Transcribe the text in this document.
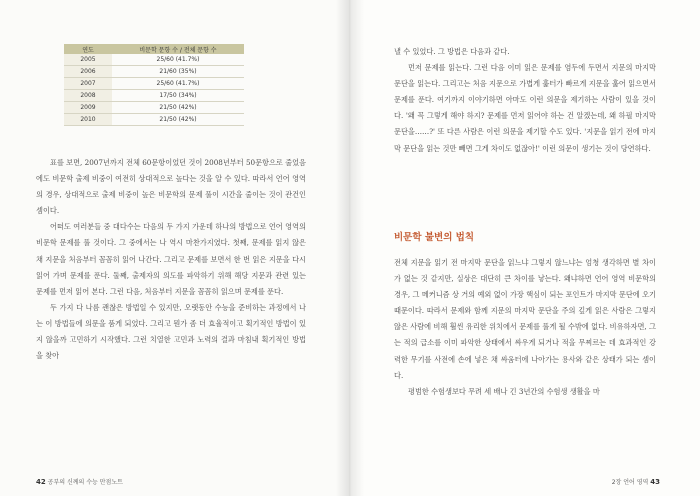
연도	비문학 문항 수 / 전체 문항 수
2005	25/60 (41.7%)
2006	21/60 (35%)
2007	25/60 (41.7%)
2008	17/50 (34%)
2009	21/50 (42%)
2010	21/50 (42%)

표를 보면, 2007년까지 전체 60문항이었던 것이 2008년부터 50문항으로 줄었음에도 비문학 출제 비중이 여전히 상대적으로 높다는 것을 알 수 있다. 따라서 언어 영역의 경우, 상대적으로 출제 비중이 높은 비문학의 문제 풀이 시간을 줄이는 것이 관건인 셈이다.

어떠도 여러분들 중 대다수는 다음의 두 가지 가운데 하나의 방법으로 언어 영역의 비문학 문제를 풀 것이다. 그 중에서는 나 역시 마찬가지였다. 첫째, 문제를 읽지 않은 채 지문을 처음부터 꼼꼼히 읽어 나간다. 그리고 문제를 보면서 한 번 읽은 지문을 다시 읽어 가며 문제를 푼다. 둘째, 출제자의 의도를 파악하기 위해 해당 지문과 관련 있는 문제를 먼저 읽어 본다. 그런 다음, 처음부터 지문을 꼼꼼히 읽으며 문제를 푼다.

두 가지 다 나름 괜찮은 방법일 수 있지만, 오랫동안 수능을 준비하는 과정에서 나는 이 방법들에 의문을 품게 되었다. 그리고 뭔가 좀 더 효율적이고 획기적인 방법이 있지 않을까 고민하기 시작했다. 그런 치열한 고민과 노력의 결과 마침내 획기적인 방법을 찾아

42 공부의 신께의 수능 만점노트

낼 수 있었다. 그 방법은 다음과 같다.

먼저 문제를 읽는다. 그런 다음 이미 읽은 문제를 염두에 두면서 지문의 마지막 문단을 읽는다. 그리고는 처음 지문으로 가볍게 훑터가 빠르게 지문을 훑어 읽으면서 문제를 푼다. 여기까지 이야기하면 아마도 이런 의문을 제기하는 사람이 있을 것이다. '왜 꼭 그렇게 해야 하지? 문제를 먼저 읽어야 하는 건 알겠는데, 왜 하필 마지막 문단을……?' 또 다른 사람은 이런 의문을 제기할 수도 있다. '지문을 읽기 전에 마지막 문단을 읽는 것만 빼면 그게 차이도 없잖아!' 이런 의문이 생기는 것이 당연하다.

비문학 불변의 법칙

전체 지문을 읽기 전 마지막 문단을 읽느냐 그렇지 않느냐는 엄청 생각하면 별 차이가 없는 것 같지만, 실상은 대단히 큰 차이를 낳는다. 왜냐하면 언어 영역 비문학의 경우, 그 메커니즘 상 거의 예외 없이 가장 핵심이 되는 포인트가 마지막 문단에 오기 때문이다. 따라서 문제와 함께 지문의 마지막 문단을 주의 깊게 읽은 사람은 그렇지 않은 사람에 비해 훨씬 유리한 위치에서 문제를 풀게 될 수밖에 없다. 비유하자면, 그는 적의 급소를 이미 파악한 상태에서 싸우게 되거나 적을 무찌르는 데 효과적인 강력한 무기를 사전에 손에 넣은 채 싸움터에 나아가는 용사와 같은 상태가 되는 셈이다.

평범한 수험생보다 무려 세 배나 긴 3년간의 수험생 생활을 마

2장 언어 영역 43
